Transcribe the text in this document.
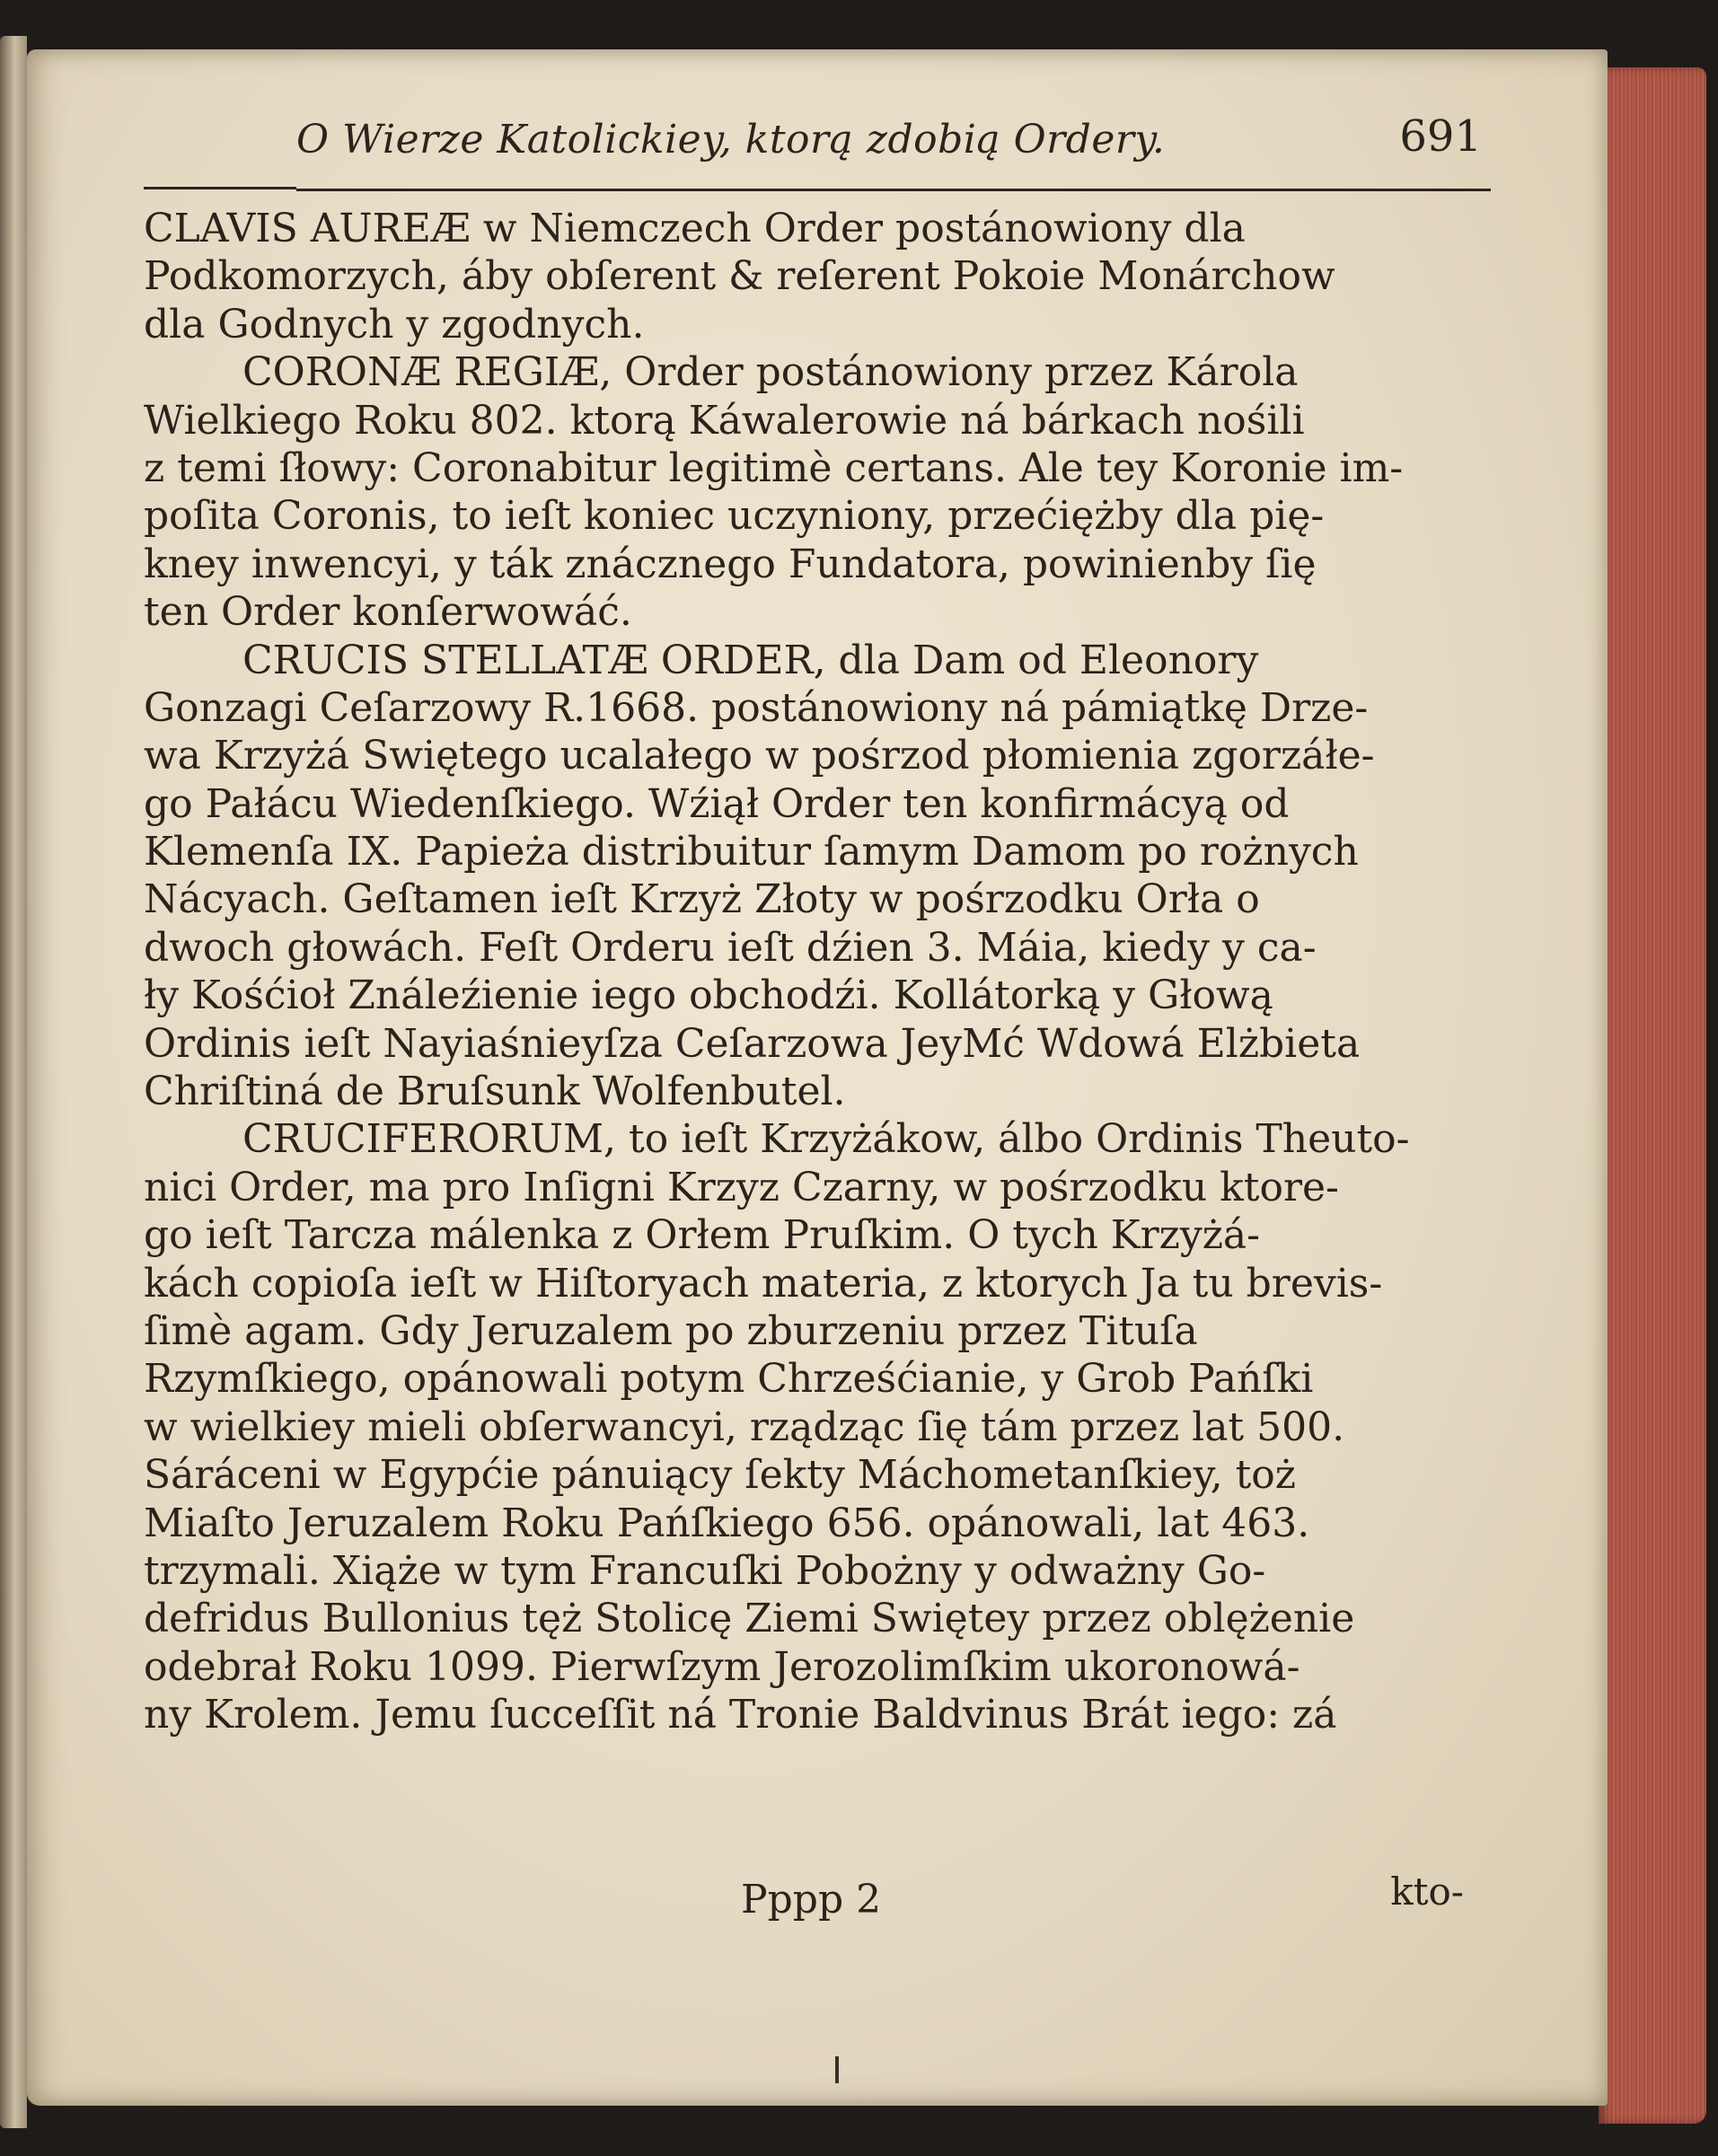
O Wierze Katolickiey, ktorą zdobią Ordery.	691
CLAVIS AUREÆ w Niemczech Order postánowiony dla
Podkomorzych, áby obſerent & reſerent Pokoie Monárchow
dla Godnych y zgodnych.
CORONÆ REGIÆ, Order postánowiony przez Károla
Wielkiego Roku 802. ktorą Káwalerowie ná bárkach nośili
z temi ſłowy: Coronabitur legitimè certans. Ale tey Koronie im-
poſita Coronis, to ieſt koniec uczyniony, przećiężby dla pię-
kney inwencyi, y ták znácznego Fundatora, powinienby ſię
ten Order konſerwowáć.
CRUCIS STELLATÆ ORDER, dla Dam od Eleonory
Gonzagi Ceſarzowy R.1668. postánowiony ná pámiątkę Drze-
wa Krzyżá Swiętego ucalałego w pośrzod płomienia zgorzáłe-
go Pałácu Wiedenſkiego. Wźiął Order ten konfirmácyą od
Klemenſa IX. Papieża distribuitur ſamym Damom po rożnych
Nácyach. Geſtamen ieſt Krzyż Złoty w pośrzodku Orła o
dwoch głowách. Feſt Orderu ieſt dźien 3. Máia, kiedy y ca-
ły Kośćioł Ználeźienie iego obchodźi. Kollátorką y Głową
Ordinis ieſt Nayiaśnieyſza Ceſarzowa JeyMć Wdowá Elżbieta
Chriſtiná de Bruſsunk Wolfenbutel.
CRUCIFERORUM, to ieſt Krzyżákow, álbo Ordinis Theuto-
nici Order, ma pro Inſigni Krzyz Czarny, w pośrzodku ktore-
go ieſt Tarcza málenka z Orłem Pruſkim. O tych Krzyżá-
kách copioſa ieſt w Hiſtoryach materia, z ktorych Ja tu brevis-
ſimè agam. Gdy Jeruzalem po zburzeniu przez Tituſa
Rzymſkiego, opánowali potym Chrześćianie, y Grob Pańſki
w wielkiey mieli obſerwancyi, rządząc ſię tám przez lat 500.
Sáráceni w Egypćie pánuiący ſekty Máchometanſkiey, toż
Miaſto Jeruzalem Roku Pańſkiego 656. opánowali, lat 463.
trzymali. Xiąże w tym Francuſki Pobożny y odważny Go-
defridus Bullonius tęż Stolicę Ziemi Swiętey przez oblężenie
odebrał Roku 1099. Pierwſzym Jerozolimſkim ukoronowá-
ny Krolem. Jemu ſucceſſit ná Tronie Baldvinus Brát iego: zá
Pppp 2	kto-
